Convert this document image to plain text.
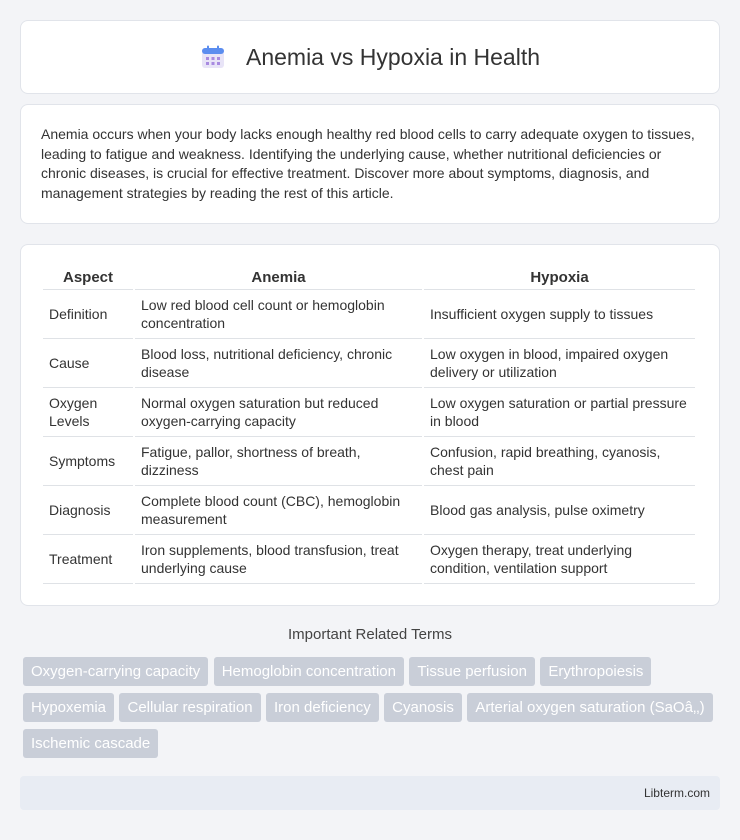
Anemia vs Hypoxia in Health

Anemia occurs when your body lacks enough healthy red blood cells to carry adequate oxygen to tissues, leading to fatigue and weakness. Identifying the underlying cause, whether nutritional deficiencies or chronic diseases, is crucial for effective treatment. Discover more about symptoms, diagnosis, and management strategies by reading the rest of this article.

Aspect	Anemia	Hypoxia
Definition	Low red blood cell count or hemoglobin concentration	Insufficient oxygen supply to tissues
Cause	Blood loss, nutritional deficiency, chronic disease	Low oxygen in blood, impaired oxygen delivery or utilization
Oxygen Levels	Normal oxygen saturation but reduced oxygen-carrying capacity	Low oxygen saturation or partial pressure in blood
Symptoms	Fatigue, pallor, shortness of breath, dizziness	Confusion, rapid breathing, cyanosis, chest pain
Diagnosis	Complete blood count (CBC), hemoglobin measurement	Blood gas analysis, pulse oximetry
Treatment	Iron supplements, blood transfusion, treat underlying cause	Oxygen therapy, treat underlying condition, ventilation support
Important Related Terms
Oxygen-carrying capacity Hemoglobin concentration Tissue perfusion Erythropoiesis Hypoxemia Cellular respiration Iron deficiency Cyanosis Arterial oxygen saturation (SaOâ‚‚) Ischemic cascade
Libterm.com
